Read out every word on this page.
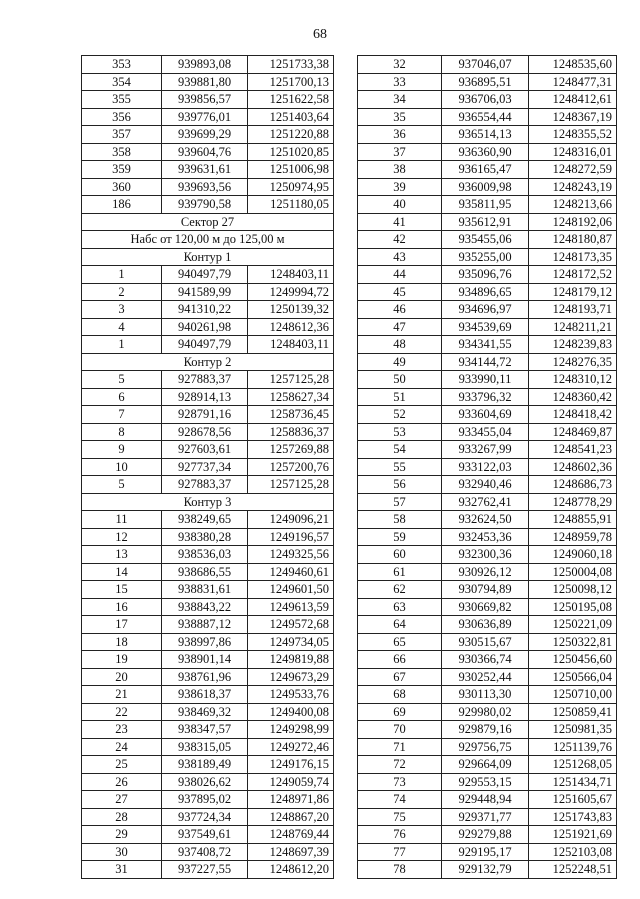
68
353	939893,08	1251733,38
354	939881,80	1251700,13
355	939856,57	1251622,58
356	939776,01	1251403,64
357	939699,29	1251220,88
358	939604,76	1251020,85
359	939631,61	1251006,98
360	939693,56	1250974,95
186	939790,58	1251180,05
Сектор 27		
Набс от 120,00 м до 125,00 м		
Контур 1		
1	940497,79	1248403,11
2	941589,99	1249994,72
3	941310,22	1250139,32
4	940261,98	1248612,36
1	940497,79	1248403,11
Контур 2		
5	927883,37	1257125,28
6	928914,13	1258627,34
7	928791,16	1258736,45
8	928678,56	1258836,37
9	927603,61	1257269,88
10	927737,34	1257200,76
5	927883,37	1257125,28
Контур 3		
11	938249,65	1249096,21
12	938380,28	1249196,57
13	938536,03	1249325,56
14	938686,55	1249460,61
15	938831,61	1249601,50
16	938843,22	1249613,59
17	938887,12	1249572,68
18	938997,86	1249734,05
19	938901,14	1249819,88
20	938761,96	1249673,29
21	938618,37	1249533,76
22	938469,32	1249400,08
23	938347,57	1249298,99
24	938315,05	1249272,46
25	938189,49	1249176,15
26	938026,62	1249059,74
27	937895,02	1248971,86
28	937724,34	1248867,20
29	937549,61	1248769,44
30	937408,72	1248697,39
31	937227,55	1248612,20
32	937046,07	1248535,60
33	936895,51	1248477,31
34	936706,03	1248412,61
35	936554,44	1248367,19
36	936514,13	1248355,52
37	936360,90	1248316,01
38	936165,47	1248272,59
39	936009,98	1248243,19
40	935811,95	1248213,66
41	935612,91	1248192,06
42	935455,06	1248180,87
43	935255,00	1248173,35
44	935096,76	1248172,52
45	934896,65	1248179,12
46	934696,97	1248193,71
47	934539,69	1248211,21
48	934341,55	1248239,83
49	934144,72	1248276,35
50	933990,11	1248310,12
51	933796,32	1248360,42
52	933604,69	1248418,42
53	933455,04	1248469,87
54	933267,99	1248541,23
55	933122,03	1248602,36
56	932940,46	1248686,73
57	932762,41	1248778,29
58	932624,50	1248855,91
59	932453,36	1248959,78
60	932300,36	1249060,18
61	930926,12	1250004,08
62	930794,89	1250098,12
63	930669,82	1250195,08
64	930636,89	1250221,09
65	930515,67	1250322,81
66	930366,74	1250456,60
67	930252,44	1250566,04
68	930113,30	1250710,00
69	929980,02	1250859,41
70	929879,16	1250981,35
71	929756,75	1251139,76
72	929664,09	1251268,05
73	929553,15	1251434,71
74	929448,94	1251605,67
75	929371,77	1251743,83
76	929279,88	1251921,69
77	929195,17	1252103,08
78	929132,79	1252248,51
